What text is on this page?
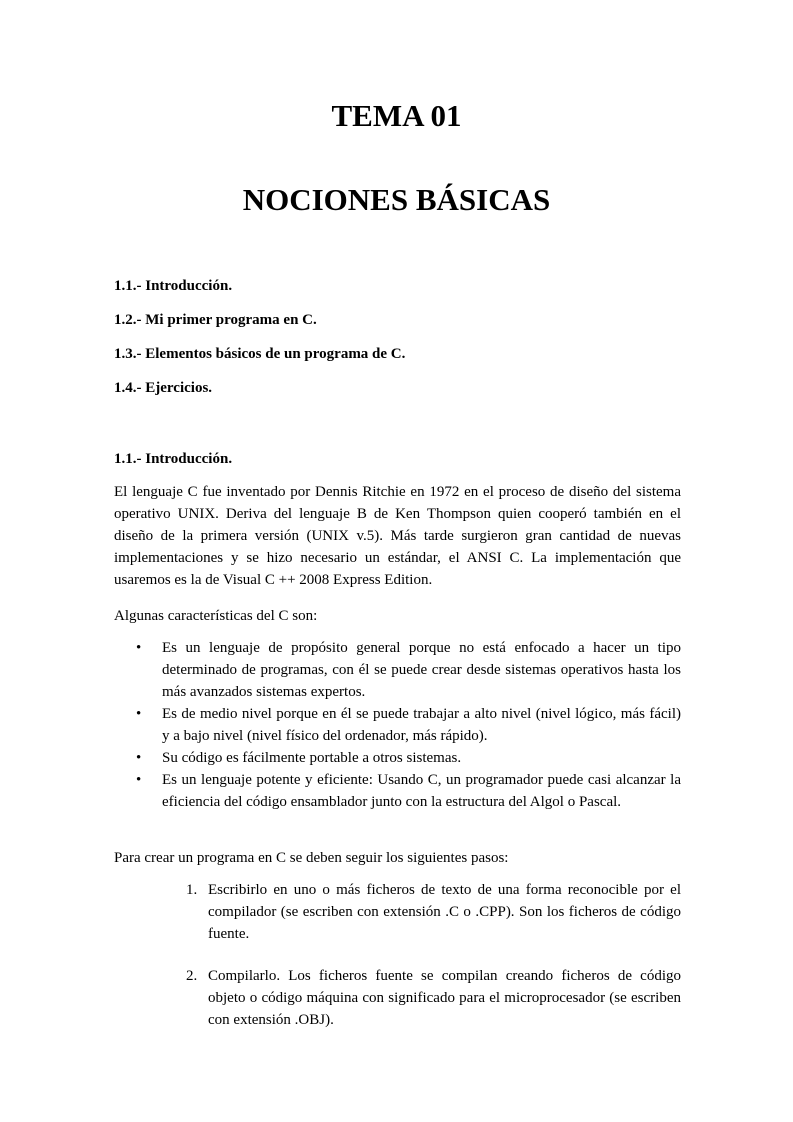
TEMA 01
NOCIONES BÁSICAS

1.1.- Introducción.

1.2.- Mi primer programa en C.

1.3.- Elementos básicos de un programa de C.

1.4.- Ejercicios.

1.1.- Introducción.

El lenguaje C fue inventado por Dennis Ritchie en 1972 en el proceso de diseño del sistema operativo UNIX. Deriva del lenguaje B de Ken Thompson quien cooperó también en el diseño de la primera versión (UNIX v.5). Más tarde surgieron gran cantidad de nuevas implementaciones y se hizo necesario un estándar, el ANSI C. La implementación que usaremos es la de Visual C ++ 2008 Express Edition.

Algunas características del C son:

• Es un lenguaje de propósito general porque no está enfocado a hacer un tipo determinado de programas, con él se puede crear desde sistemas operativos hasta los más avanzados sistemas expertos.
• Es de medio nivel porque en él se puede trabajar a alto nivel (nivel lógico, más fácil) y a bajo nivel (nivel físico del ordenador, más rápido).
• Su código es fácilmente portable a otros sistemas.
• Es un lenguaje potente y eficiente: Usando C, un programador puede casi alcanzar la eficiencia del código ensamblador junto con la estructura del Algol o Pascal.

Para crear un programa en C se deben seguir los siguientes pasos:

1. Escribirlo en uno o más ficheros de texto de una forma reconocible por el compilador (se escriben con extensión .C o .CPP). Son los ficheros de código fuente.
2. Compilarlo. Los ficheros fuente se compilan creando ficheros de código objeto o código máquina con significado para el microprocesador (se escriben con extensión .OBJ).
